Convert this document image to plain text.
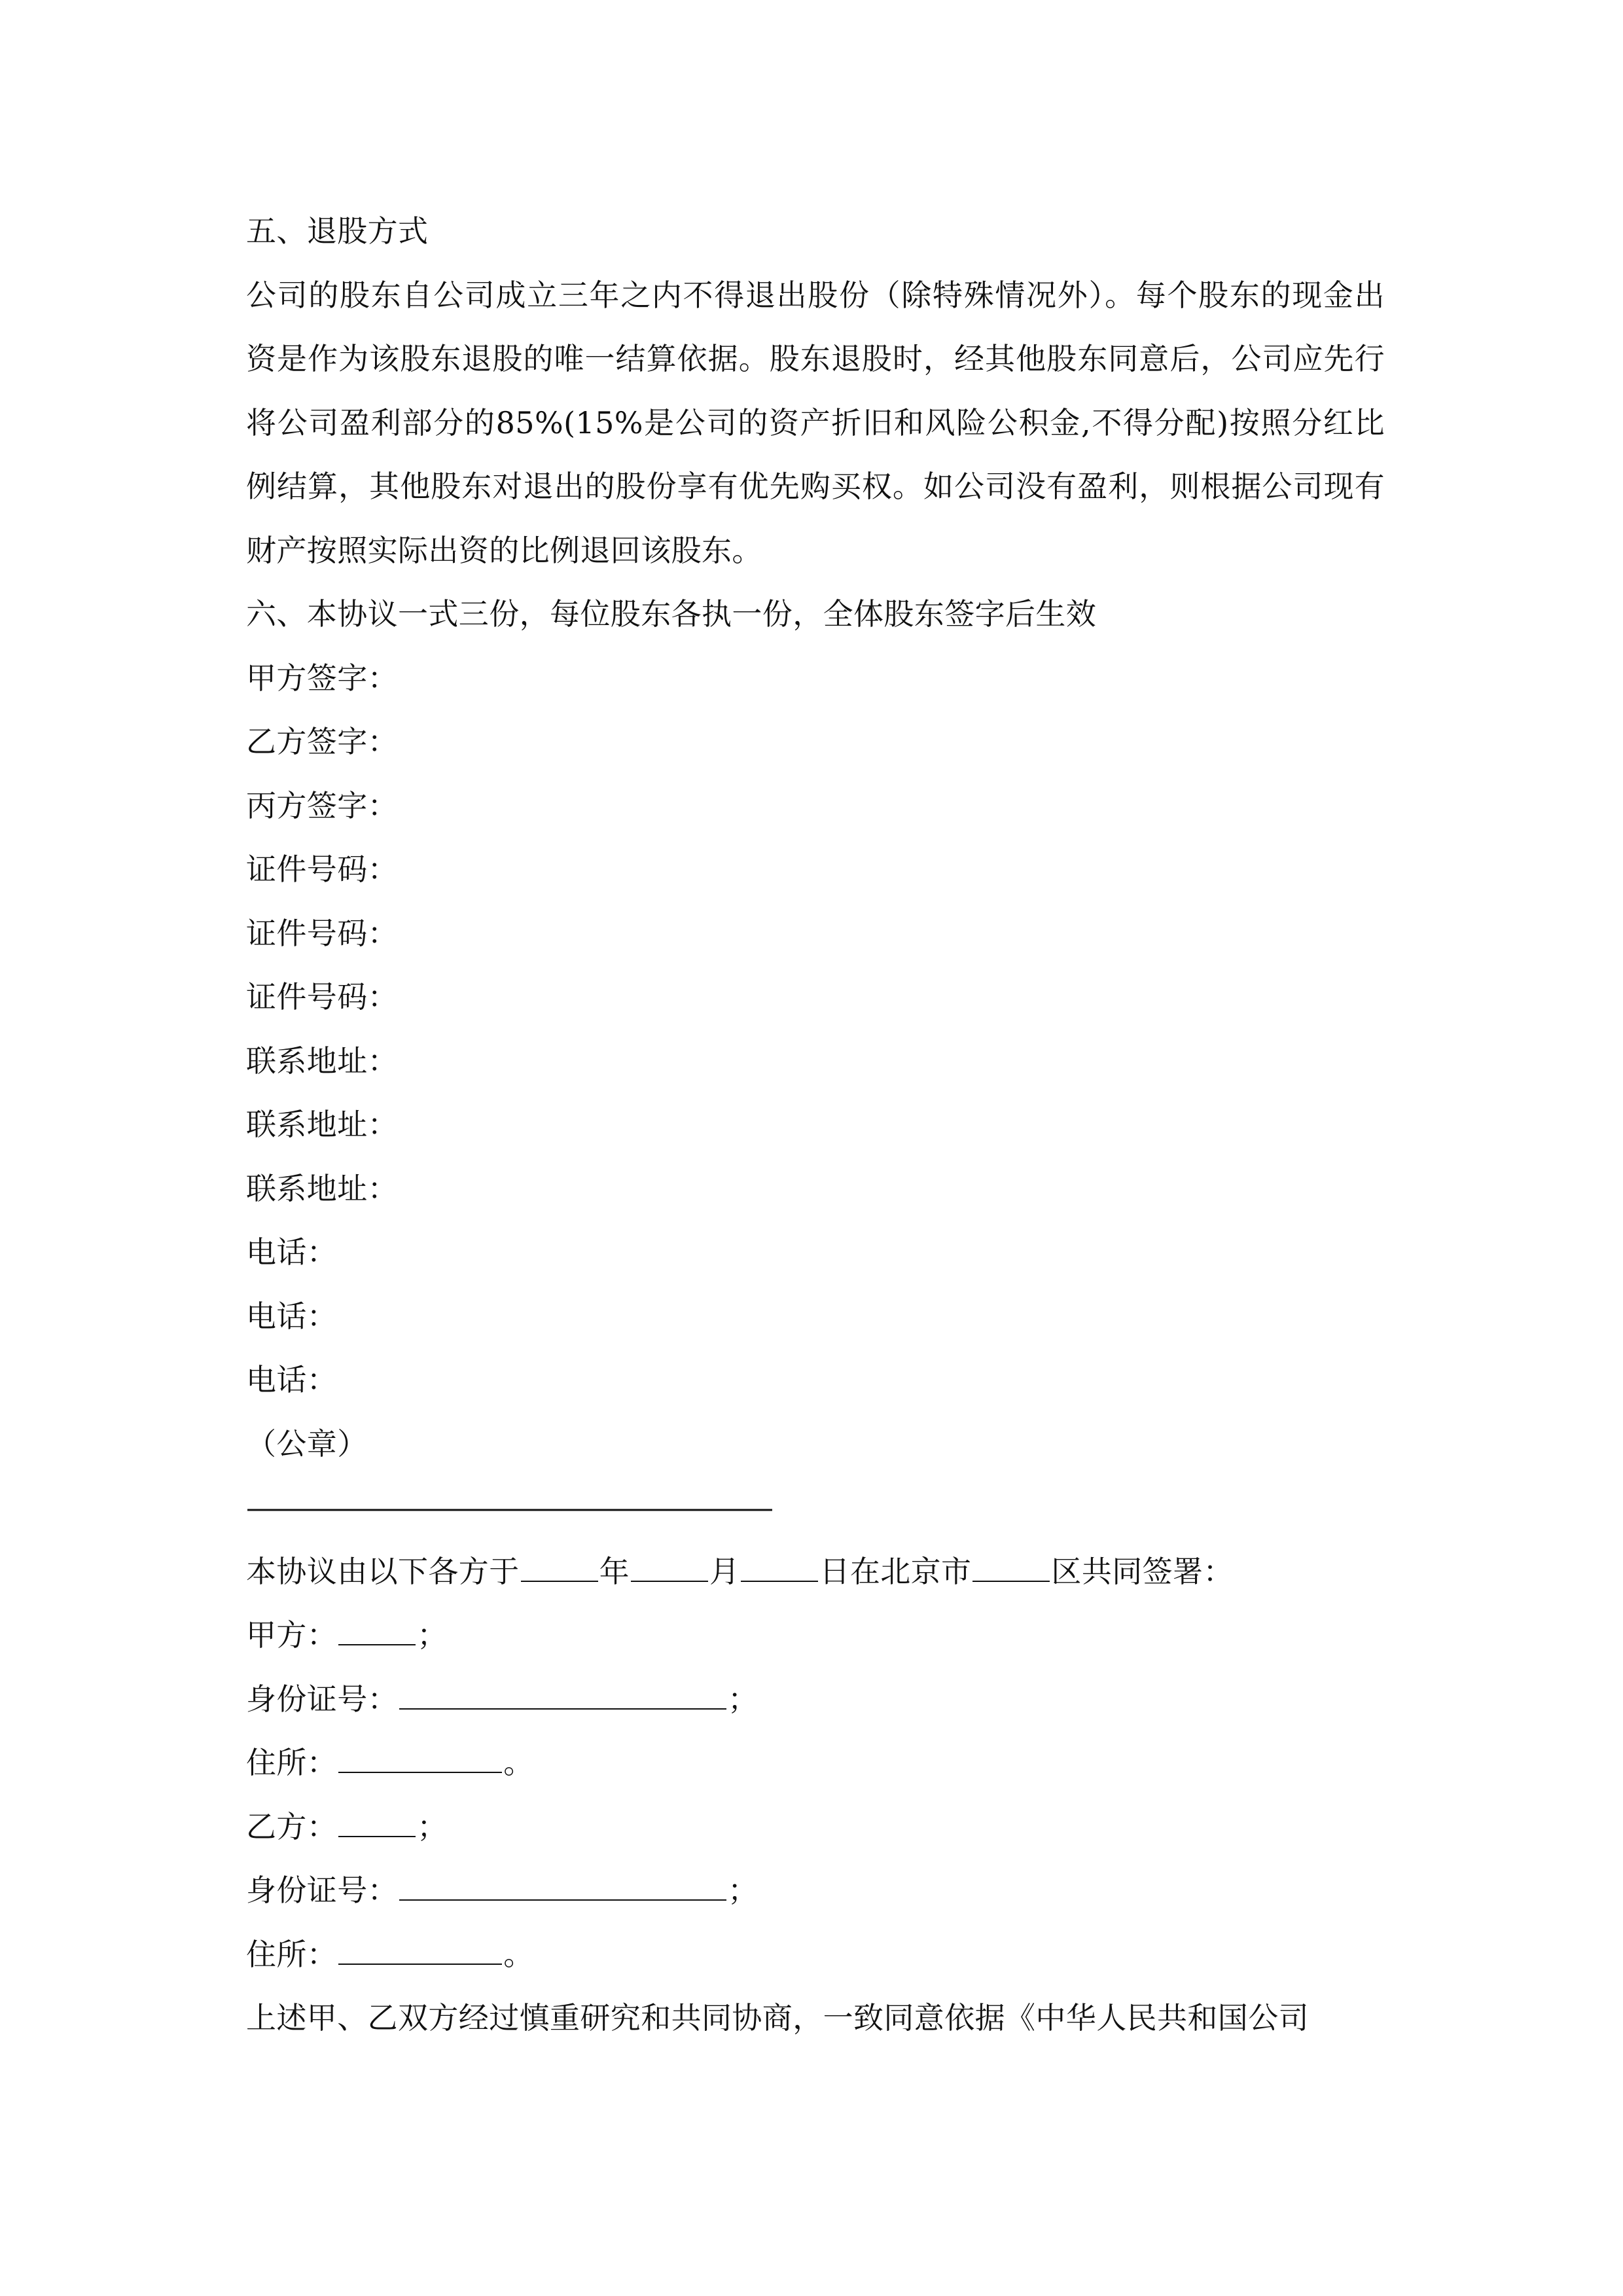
五、退股方式

公司的股东自公司成立三年之内不得退出股份（除特殊情况外）。每个股东的现金出资是作为该股东退股的唯一结算依据。股东退股时，经其他股东同意后，公司应先行将公司盈利部分的85%(15%是公司的资产折旧和风险公积金,不得分配)按照分红比例结算，其他股东对退出的股份享有优先购买权。如公司没有盈利，则根据公司现有财产按照实际出资的比例退回该股东。

六、本协议一式三份，每位股东各执一份，全体股东签字后生效
甲方签字：
乙方签字：
丙方签字：
证件号码：
证件号码：
证件号码：
联系地址：
联系地址：
联系地址：
电话：
电话：
电话：
（公章）
————————————————————
本协议由以下各方于	年	月	日在北京市	区共同签署：
甲方：	；
身份证号：	；
住所：	。
乙方：	；
身份证号：	；
住所：	。
上述甲、乙双方经过慎重研究和共同协商，一致同意依据《中华人民共和国公司
